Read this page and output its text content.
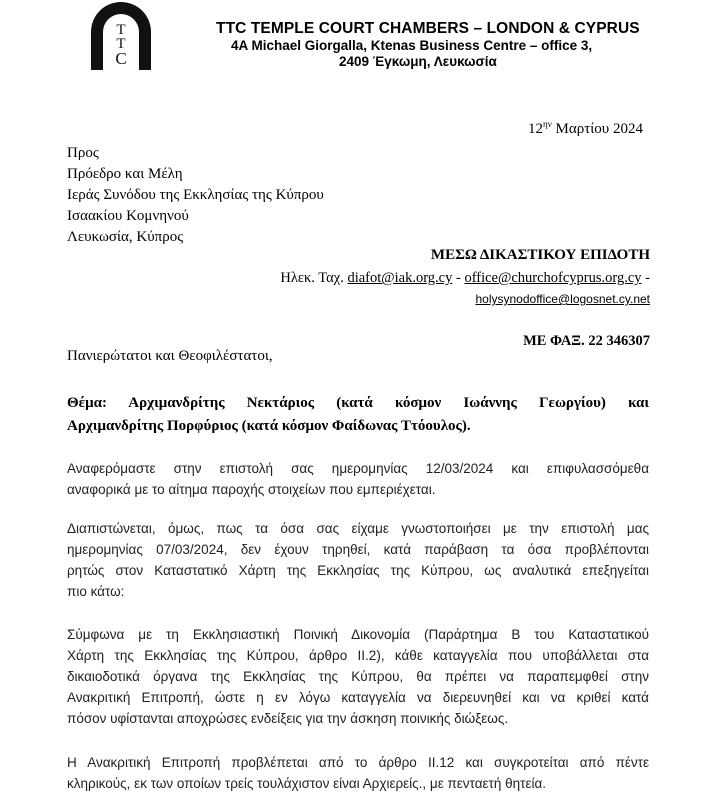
T
T
C
TTC TEMPLE COURT CHAMBERS – LONDON & CYPRUS
4A Michael Giorgalla, Ktenas Business Centre – office 3,
2409 Έγκωμη, Λευκωσία
$12^{\eta\nu}$ Μαρτίου 2024
Προς
Πρόεδρο και Μέλη
Ιεράς Συνόδου της Εκκλησίας της Κύπρου
Ισαακίου Κομνηνού
Λευκωσία, Κύπρος
ΜΕΣΩ ΔΙΚΑΣΤΙΚΟΥ ΕΠΙΔΟΤΗ
Ηλεκ. Ταχ. diafot@iak.org.cy - office@churchofcyprus.org.cy -
holysynodoffice@logosnet.cy.net
ΜΕ ΦΑΞ. 22 346307
Πανιερώτατοι και Θεοφιλέστατοι,
Θέμα: Αρχιμανδρίτης Νεκτάριος (κατά κόσμον Ιωάννης Γεωργίου) και
Αρχιμανδρίτης Πορφύριος (κατά κόσμον Φαίδωνας Ττόουλος).
Αναφερόμαστε στην επιστολή σας ημερομηνίας 12/03/2024 και επιφυλασσόμεθα
αναφορικά με το αίτημα παροχής στοιχείων που εμπεριέχεται.
Διαπιστώνεται, όμως, πως τα όσα σας είχαμε γνωστοποιήσει με την επιστολή μας
ημερομηνίας 07/03/2024, δεν έχουν τηρηθεί, κατά παράβαση τα όσα προβλέπονται
ρητώς στον Καταστατικό Χάρτη της Εκκλησίας της Κύπρου, ως αναλυτικά επεξηγείται
πιο κάτω:
Σύμφωνα με τη Εκκλησιαστική Ποινική Δικονομία (Παράρτημα Β του Καταστατικού
Χάρτη της Εκκλησίας της Κύπρου, άρθρο ΙΙ.2), κάθε καταγγελία που υποβάλλεται στα
δικαιοδοτικά όργανα της Εκκλησίας της Κύπρου, θα πρέπει να παραπεμφθεί στην
Ανακριτική Επιτροπή, ώστε η εν λόγω καταγγελία να διερευνηθεί και να κριθεί κατά
πόσον υφίστανται αποχρώσες ενδείξεις για την άσκηση ποινικής διώξεως.
Η Ανακριτική Επιτροπή προβλέπεται από το άρθρο ΙΙ.12 και συγκροτείται από πέντε
κληρικούς, εκ των οποίων τρείς τουλάχιστον είναι Αρχιερείς., με πενταετή θητεία.
